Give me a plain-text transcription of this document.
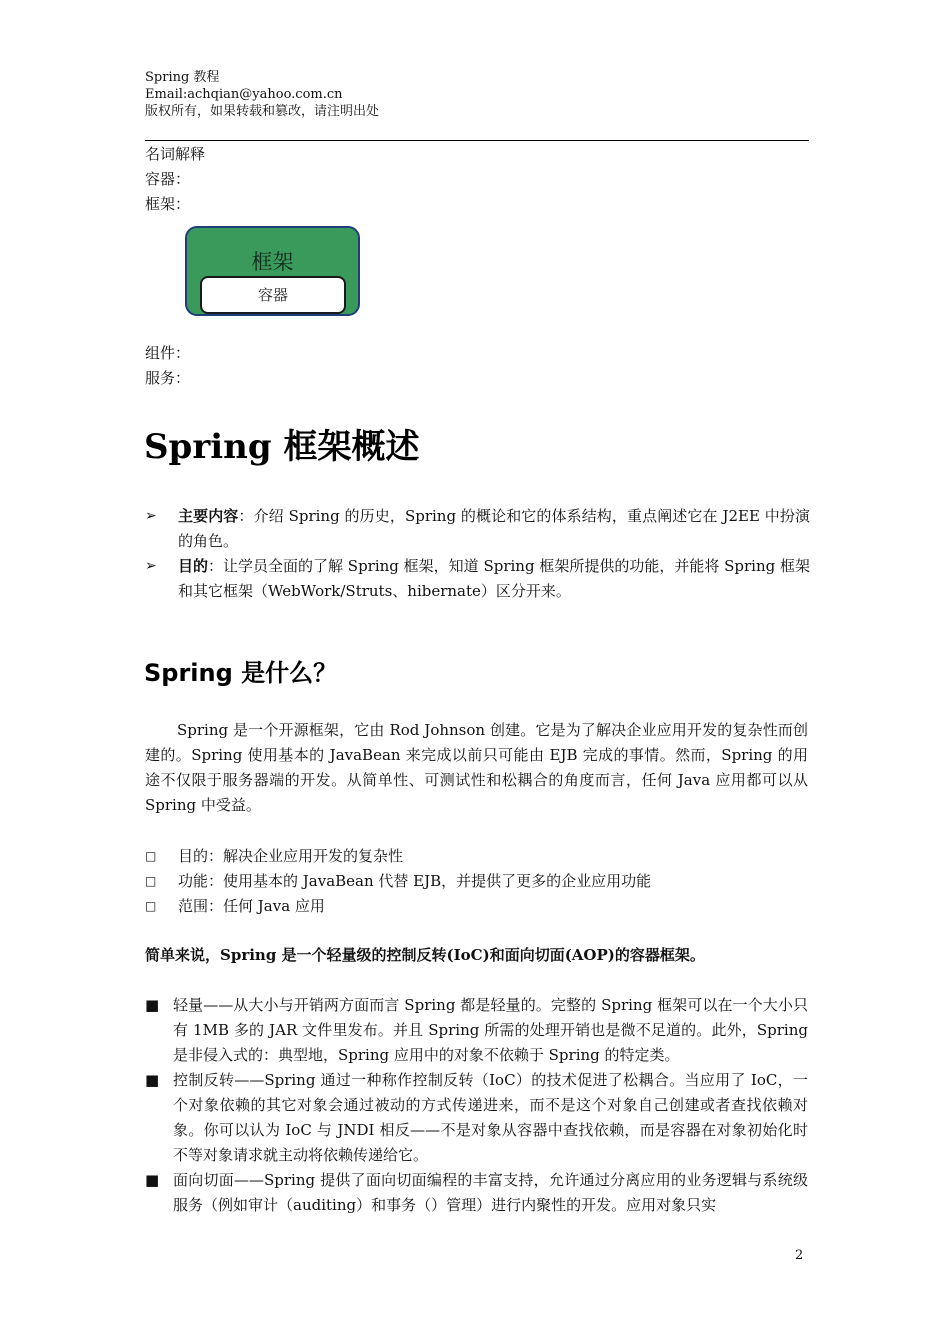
Spring 教程
Email:achqian@yahoo.com.cn
版权所有，如果转载和篡改，请注明出处
名词解释
容器：
框架：
框架
容器
组件：
服务：
Spring 框架概述
➢ 主要内容：介绍 Spring 的历史，Spring 的概论和它的体系结构，重点阐述它在 J2EE 中扮演的角色。
➢ 目的：让学员全面的了解 Spring 框架，知道 Spring 框架所提供的功能，并能将 Spring 框架和其它框架（WebWork/Struts、hibernate）区分开来。
Spring 是什么？
Spring 是一个开源框架，它由 Rod Johnson 创建。它是为了解决企业应用开发的复杂性而创建的。Spring 使用基本的 JavaBean 来完成以前只可能由 EJB 完成的事情。然而，Spring 的用途不仅限于服务器端的开发。从简单性、可测试性和松耦合的角度而言，任何 Java 应用都可以从 Spring 中受益。
□ 目的：解决企业应用开发的复杂性
□ 功能：使用基本的 JavaBean 代替 EJB，并提供了更多的企业应用功能
□ 范围：任何 Java 应用
简单来说，Spring 是一个轻量级的控制反转(IoC)和面向切面(AOP)的容器框架。
■ 轻量——从大小与开销两方面而言 Spring 都是轻量的。完整的 Spring 框架可以在一个大小只有 1MB 多的 JAR 文件里发布。并且 Spring 所需的处理开销也是微不足道的。此外，Spring 是非侵入式的：典型地，Spring 应用中的对象不依赖于 Spring 的特定类。
■ 控制反转——Spring 通过一种称作控制反转（IoC）的技术促进了松耦合。当应用了 IoC，一个对象依赖的其它对象会通过被动的方式传递进来，而不是这个对象自己创建或者查找依赖对象。你可以认为 IoC 与 JNDI 相反——不是对象从容器中查找依赖，而是容器在对象初始化时不等对象请求就主动将依赖传递给它。
■ 面向切面——Spring 提供了面向切面编程的丰富支持，允许通过分离应用的业务逻辑与系统级服务（例如审计（auditing）和事务（）管理）进行内聚性的开发。应用对象只实
2
